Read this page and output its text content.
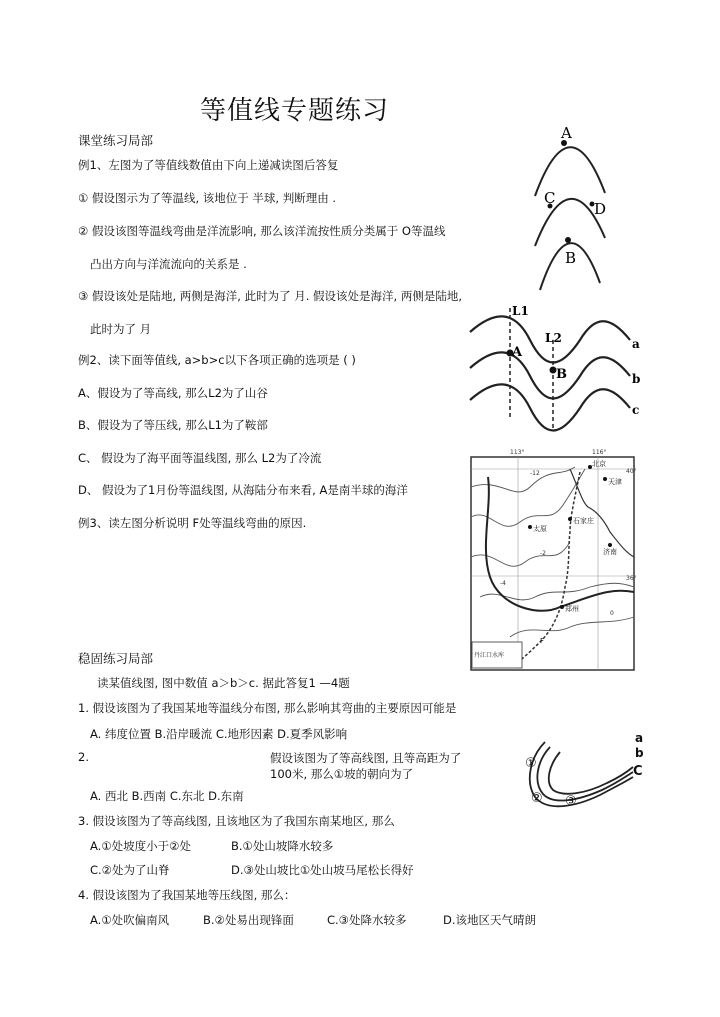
等值线专题练习
课堂练习局部
例1、左图为了等值线数值由下向上递减读图后答复
① 假设图示为了等温线, 该地位于 半球, 判断理由 .
② 假设该图等温线弯曲是洋流影响, 那么该洋流按性质分类属于 O等温线
凸出方向与洋流流向的关系是 .
③ 假设该处是陆地, 两侧是海洋, 此时为了 月. 假设该处是海洋, 两侧是陆地,
此时为了 月
例2、读下面等值线, a>b>c以下各项正确的选项是 ( )
A、假设为了等高线, 那么L2为了山谷
B、假设为了等压线, 那么L1为了鞍部
C、 假设为了海平面等温线图, 那么 L2为了冷流
D、 假设为了1月份等温线图, 从海陆分布来看, A是南半球的海洋
例3、读左图分析说明 F处等温线弯曲的原因.
稳固练习局部
读某值线图, 图中数值 a＞b＞c. 据此答复1 —4题
1. 假设该图为了我国某地等温线分布图, 那么影响其弯曲的主要原因可能是
A. 纬度位置 B.沿岸暖流 C.地形因素 D.夏季风影响
2.	假设该图为了等高线图, 且等高距为了
100米, 那么①坡的朝向为了
A. 西北 B.西南 C.东北 D.东南
3. 假设该图为了等高线图, 且该地区为了我国东南某地区, 那么
A.①处坡度小于②处	B.①处山坡降水较多
C.②处为了山脊	D.③处山坡比①处山坡马尾松长得好
4. 假设该图为了我国某地等压线图, 那么：
A.①处吹偏南风	B.②处易出现锋面	C.③处降水较多	D.该地区天气晴朗
A
C
D
B
L1
L2
A
B
a
b
c
113°	116°
40°
36°
北京
天津
太原
石家庄
济南
郑州
丹江口水库
-12
-4
-2
0
F
a
b
C
①
② ③
